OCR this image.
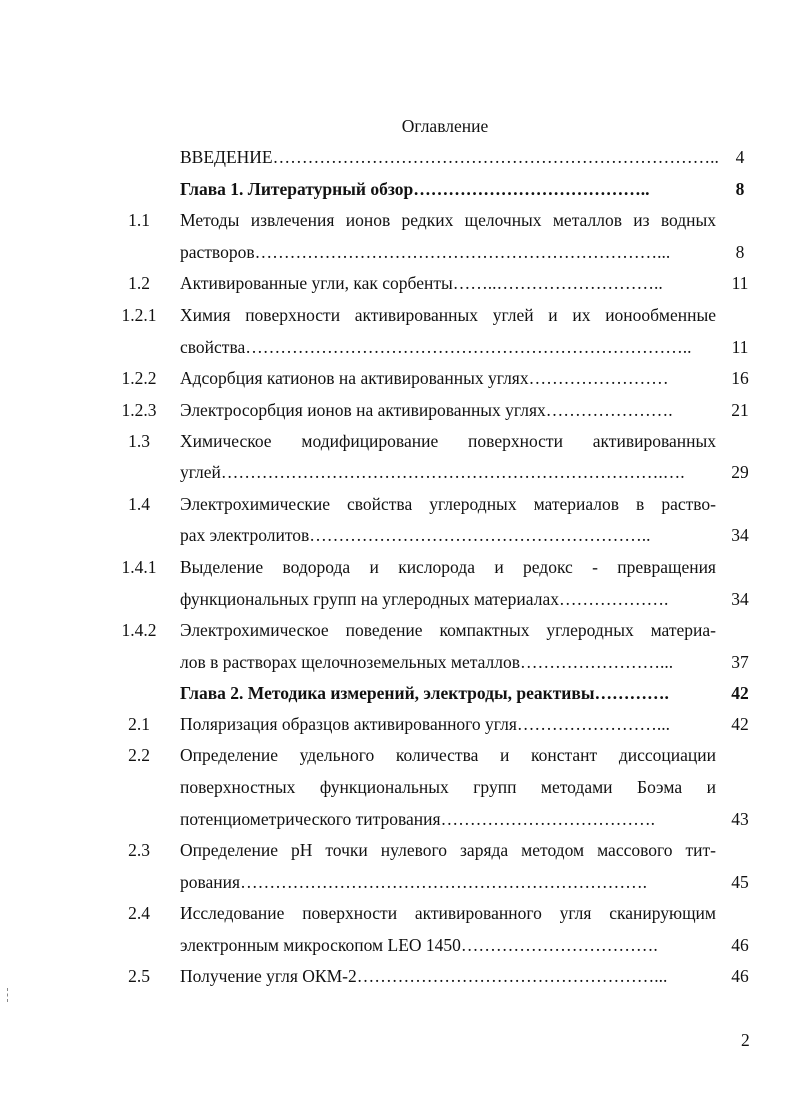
Оглавление
ВВЕДЕНИЕ………………………………………………………………….. 4
Глава 1. Литературный обзор…………………………………..	8
1.1	Методы извлечения ионов редких щелочных металлов из водных
растворов……………………………………………………………...	8
1.2	Активированные угли, как сорбенты……..………………………..	11
1.2.1	Химия поверхности активированных углей и их ионообменные
свойства…………………………………………………………………..	11
1.2.2	Адсорбция катионов на активированных углях……………………	16
1.2.3	Электросорбция ионов на активированных углях………………….	21
1.3	Химическое модифицирование поверхности активированных
углей………………………………………………………………….….	29
1.4	Электрохимические свойства углеродных материалов в раство-
рах электролитов…………………………………………………..	34
1.4.1	Выделение водорода и кислорода и редокс - превращения
функциональных групп на углеродных материалах……………….	34
1.4.2	Электрохимическое поведение компактных углеродных материа-
лов в растворах щелочноземельных металлов……………………...	37
Глава 2. Методика измерений, электроды, реактивы………….	42
2.1	Поляризация образцов активированного угля……………………...	42
2.2	Определение удельного количества и констант диссоциации
поверхностных функциональных групп методами Боэма и
потенциометрического титрования……………………………….	43
2.3	Определение pH точки нулевого заряда методом массового тит-
рования…………………………………………………………….	45
2.4	Исследование поверхности активированного угля сканирующим
электронным микроскопом LEO 1450…………………………….	46
2.5	Получение угля ОКМ-2……………………………………………...	46
2
